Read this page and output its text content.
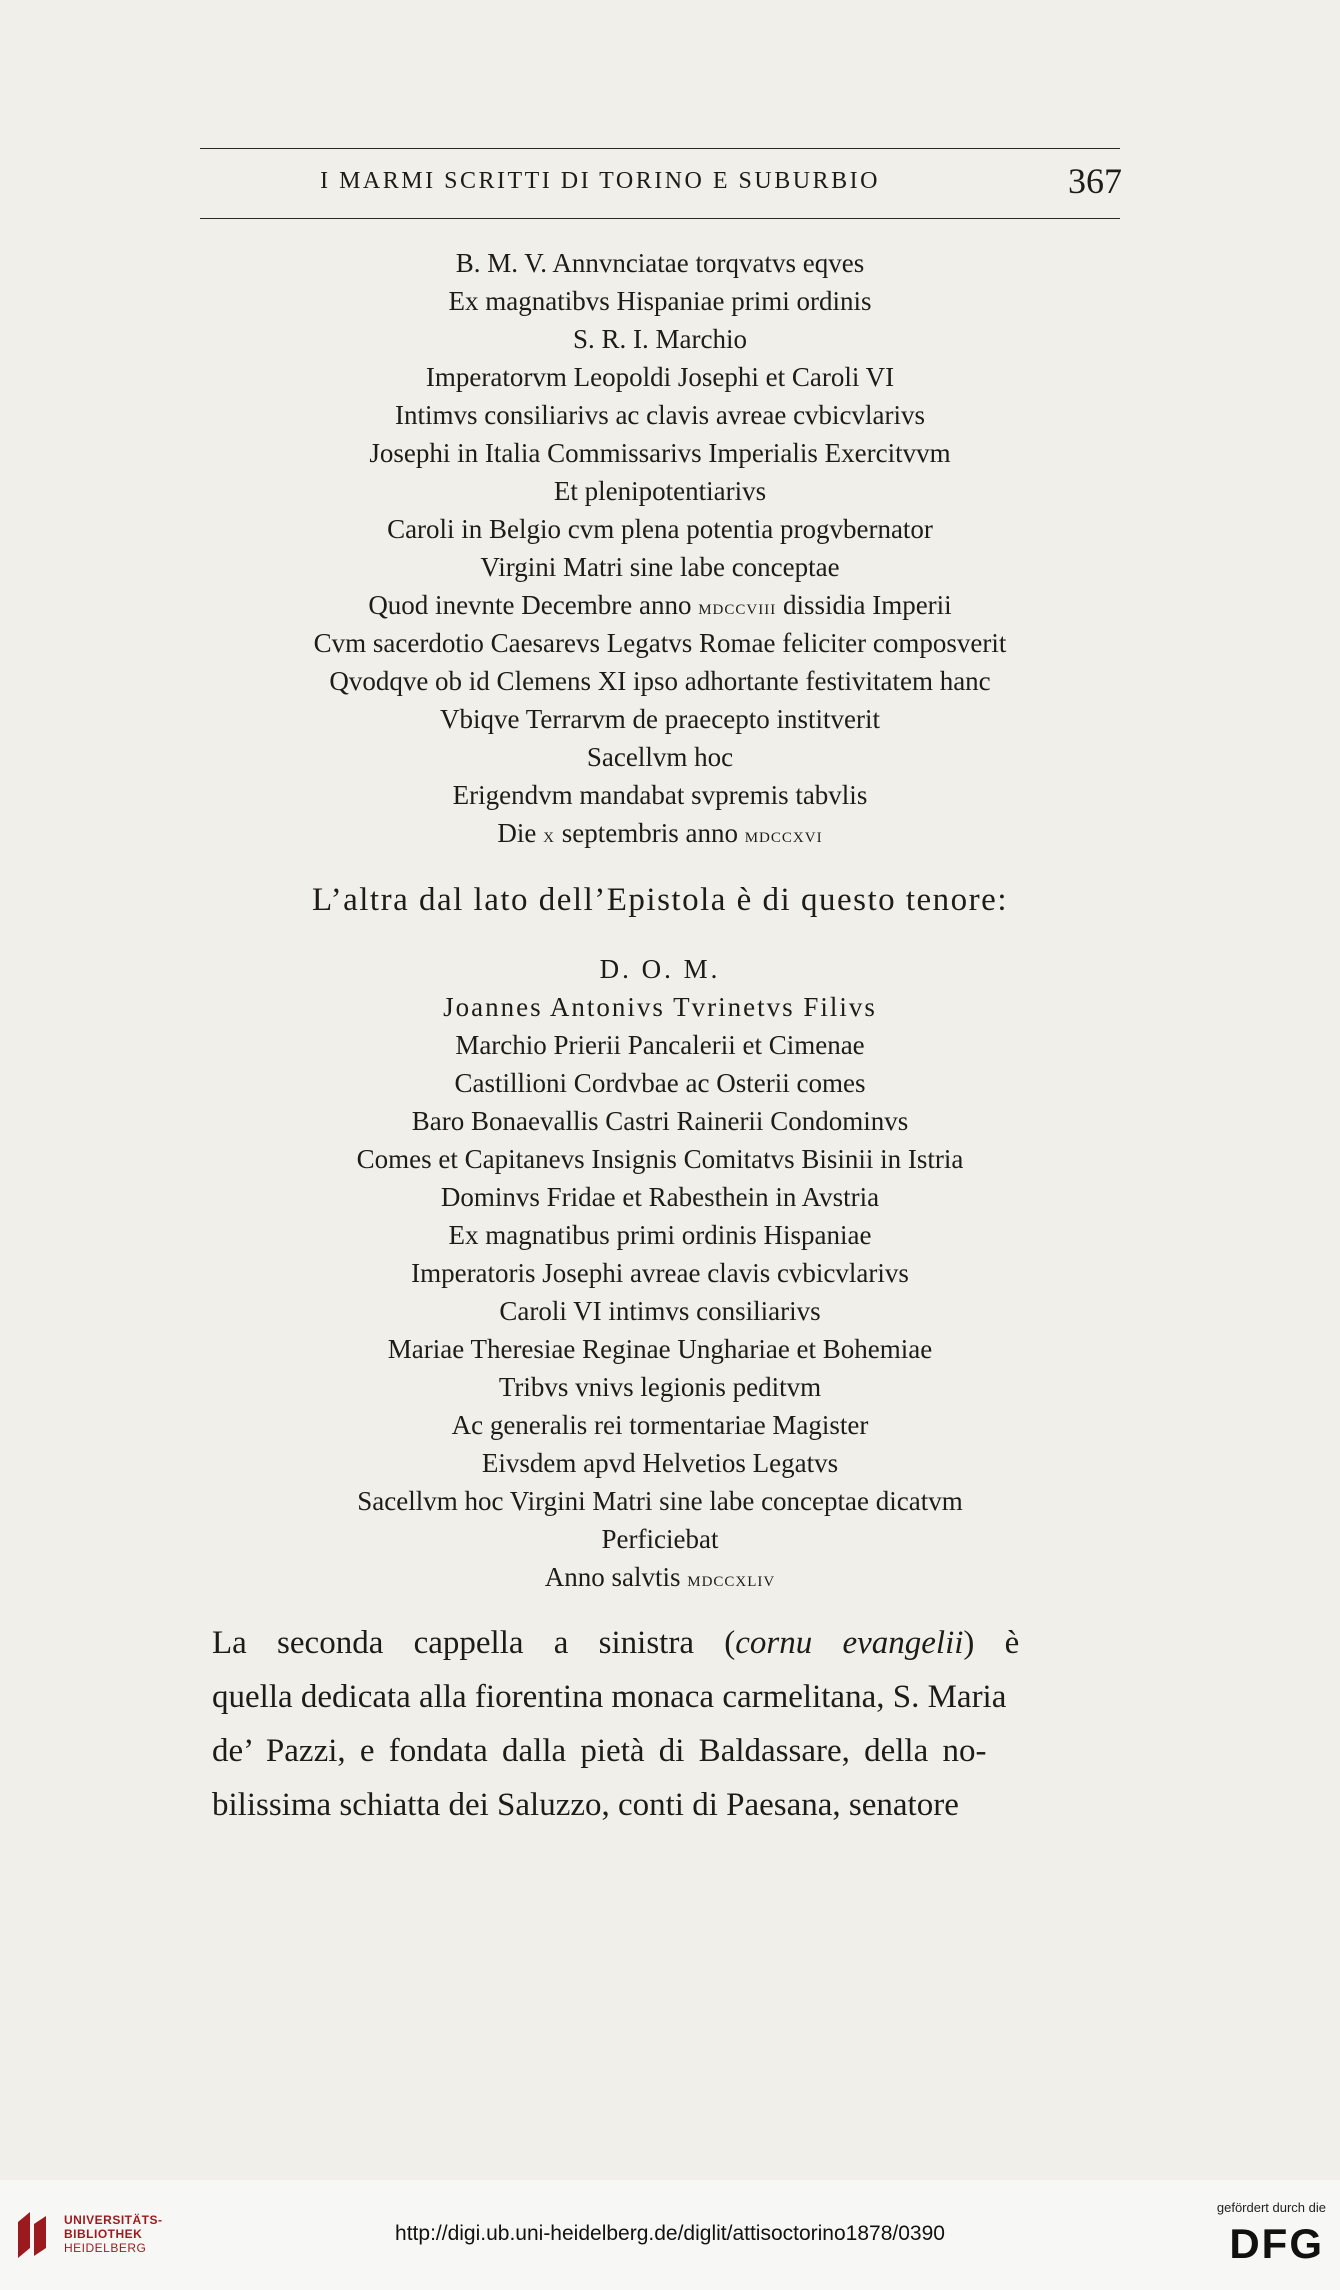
I MARMI SCRITTI DI TORINO E SUBURBIO	367
B. M. V. Annvnciatae torqvatvs eqves
Ex magnatibvs Hispaniae primi ordinis
S. R. I. Marchio
Imperatorvm Leopoldi Josephi et Caroli VI
Intimvs consiliarivs ac clavis avreae cvbicvlarivs
Josephi in Italia Commissarivs Imperialis Exercitvvm
Et plenipotentiarivs
Caroli in Belgio cvm plena potentia progvbernator
Virgini Matri sine labe conceptae
Quod inevnte Decembre anno mdccviii dissidia Imperii
Cvm sacerdotio Caesarevs Legatvs Romae feliciter composverit
Qvodqve ob id Clemens XI ipso adhortante festivitatem hanc
Vbiqve Terrarvm de praecepto institverit
Sacellvm hoc
Erigendvm mandabat svpremis tabvlis
Die x septembris anno mdccxvi
L’altra dal lato dell’Epistola è di questo tenore:
D. O. M.
Joannes Antonivs Tvrinetvs Filivs
Marchio Prierii Pancalerii et Cimenae
Castillioni Cordvbae ac Osterii comes
Baro Bonaevallis Castri Rainerii Condominvs
Comes et Capitanevs Insignis Comitatvs Bisinii in Istria
Dominvs Fridae et Rabesthein in Avstria
Ex magnatibus primi ordinis Hispaniae
Imperatoris Josephi avreae clavis cvbicvlarivs
Caroli VI intimvs consiliarivs
Mariae Theresiae Reginae Unghariae et Bohemiae
Tribvs vnivs legionis peditvm
Ac generalis rei tormentariae Magister
Eivsdem apvd Helvetios Legatvs
Sacellvm hoc Virgini Matri sine labe conceptae dicatvm
Perficiebat
Anno salvtis mdccxliv
La seconda cappella a sinistra (cornu evangelii) è
quella dedicata alla fiorentina monaca carmelitana, S. Maria
de’ Pazzi, e fondata dalla pietà di Baldassare, della no-
bilissima schiatta dei Saluzzo, conti di Paesana, senatore
UNIVERSITÄTS-
BIBLIOTHEK
HEIDELBERG
http://digi.ub.uni-heidelberg.de/diglit/attisoctorino1878/0390
gefördert durch die
DFG
